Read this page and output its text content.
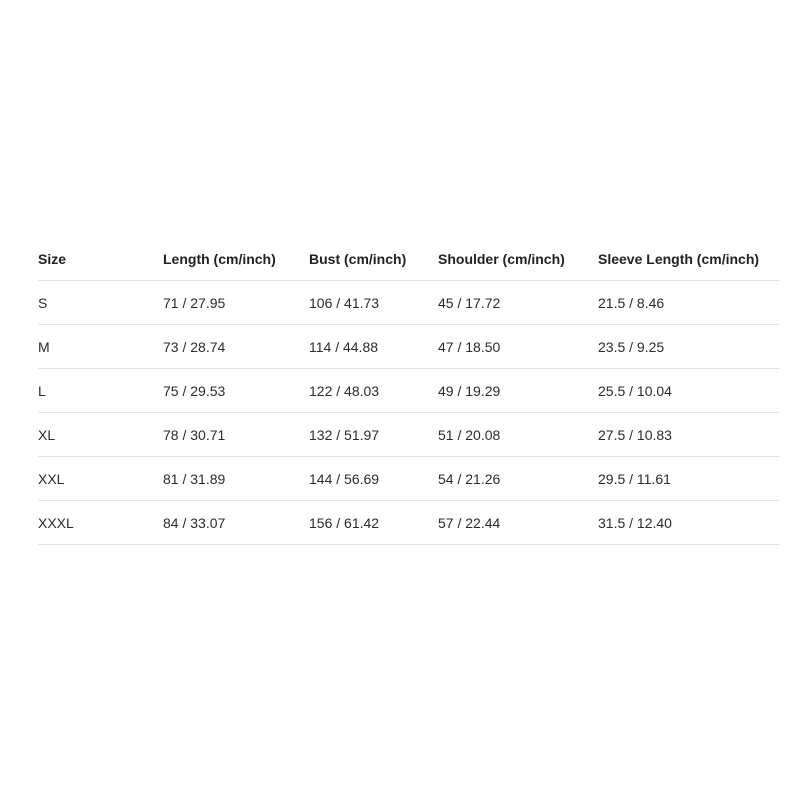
Size	Length (cm/inch)	Bust (cm/inch)	Shoulder (cm/inch)	Sleeve Length (cm/inch)
S	71 / 27.95	106 / 41.73	45 / 17.72	21.5 / 8.46
M	73 / 28.74	114 / 44.88	47 / 18.50	23.5 / 9.25
L	75 / 29.53	122 / 48.03	49 / 19.29	25.5 / 10.04
XL	78 / 30.71	132 / 51.97	51 / 20.08	27.5 / 10.83
XXL	81 / 31.89	144 / 56.69	54 / 21.26	29.5 / 11.61
XXXL	84 / 33.07	156 / 61.42	57 / 22.44	31.5 / 12.40
